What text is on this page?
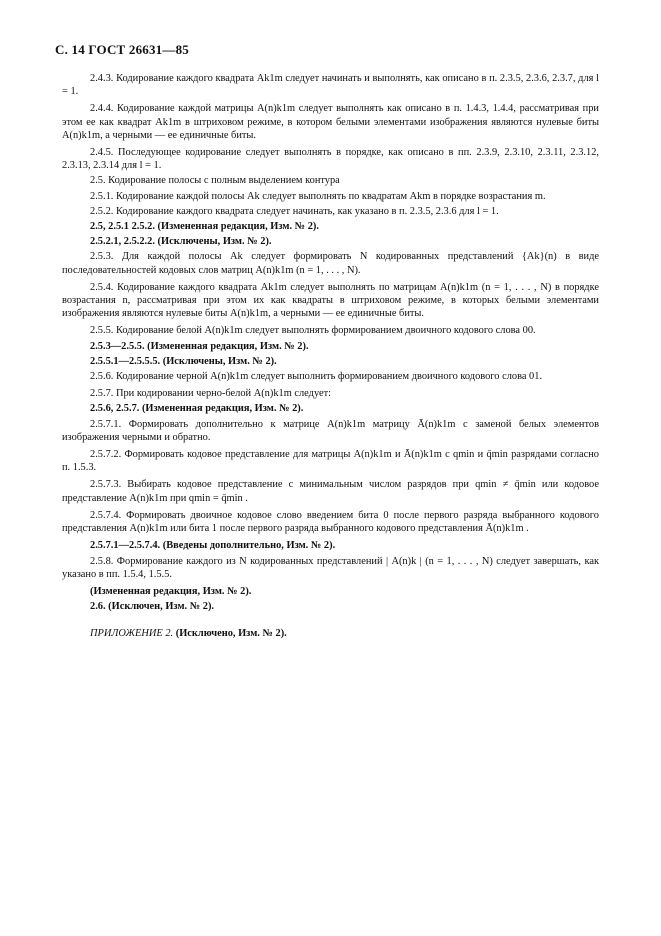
С. 14 ГОСТ 26631—85

2.4.3. Кодирование каждого квадрата Ak1m следует начинать и выполнять, как описано в п. 2.3.5, 2.3.6, 2.3.7, для l = 1.

2.4.4. Кодирование каждой матрицы A(n)k1m следует выполнять как описано в п. 1.4.3, 1.4.4, рассматривая при этом ее как квадрат Ak1m в штриховом режиме, в котором белыми элементами изображения являются нулевые биты A(n)k1m, а черными — ее единичные биты.

2.4.5. Последующее кодирование следует выполнять в порядке, как описано в пп. 2.3.9, 2.3.10, 2.3.11, 2.3.12, 2.3.13, 2.3.14 для l = 1.

2.5. Кодирование полосы с полным выделением контура

2.5.1. Кодирование каждой полосы Ak следует выполнять по квадратам Akm в порядке возрастания m.

2.5.2. Кодирование каждого квадрата следует начинать, как указано в п. 2.3.5, 2.3.6 для l = 1.

2.5, 2.5.1 2.5.2. (Измененная редакция, Изм. № 2).

2.5.2.1, 2.5.2.2. (Исключены, Изм. № 2).

2.5.3. Для каждой полосы Ak следует формировать N кодированных представлений {Ak}(n) в виде последовательностей кодовых слов матриц A(n)k1m (n = 1, . . . , N).

2.5.4. Кодирование каждого квадрата Ak1m следует выполнять по матрицам A(n)k1m (n = 1, . . . , N) в порядке возрастания n, рассматривая при этом их как квадраты в штриховом режиме, в которых белыми элементами изображения являются нулевые биты A(n)k1m, а черными — ее единичные биты.

2.5.5. Кодирование белой A(n)k1m следует выполнять формированием двоичного кодового слова 00.

2.5.3—2.5.5. (Измененная редакция, Изм. № 2).

2.5.5.1—2.5.5.5. (Исключены, Изм. № 2).

2.5.6. Кодирование черной A(n)k1m следует выполнить формированием двоичного кодового слова 01.

2.5.7. При кодировании черно-белой A(n)k1m следует:

2.5.6, 2.5.7. (Измененная редакция, Изм. № 2).

2.5.7.1. Формировать дополнительно к матрице A(n)k1m матрицу Ā(n)k1m с заменой белых элементов изображения черными и обратно.

2.5.7.2. Формировать кодовое представление для матрицы A(n)k1m и Ā(n)k1m с qmin и q̄min разрядами согласно п. 1.5.3.

2.5.7.3. Выбирать кодовое представление с минимальным числом разрядов при qmin ≠ q̄min или кодовое представление A(n)k1m при qmin = q̄min .

2.5.7.4. Формировать двоичное кодовое слово введением бита 0 после первого разряда выбранного кодового представления A(n)k1m или бита 1 после первого разряда выбранного кодового представления Ā(n)k1m .

2.5.7.1—2.5.7.4. (Введены дополнительно, Изм. № 2).

2.5.8. Формирование каждого из N кодированных представлений | A(n)k | (n = 1, . . . , N) следует завершать, как указано в пп. 1.5.4, 1.5.5.

(Измененная редакция, Изм. № 2).

2.6. (Исключен, Изм. № 2).

ПРИЛОЖЕНИЕ 2. (Исключено, Изм. № 2).
